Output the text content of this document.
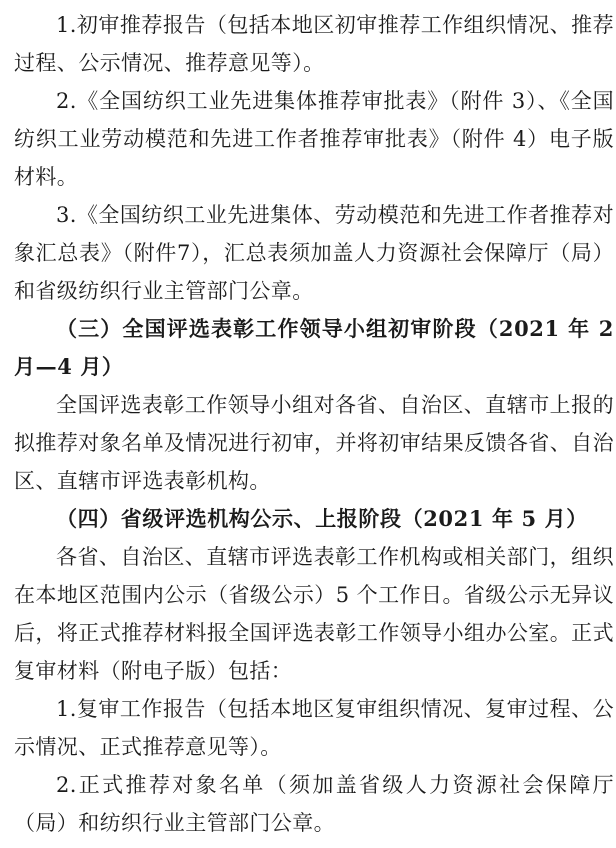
1.初审推荐报告（包括本地区初审推荐工作组织情况、推荐过程、公示情况、推荐意见等）。

2.《全国纺织工业先进集体推荐审批表》（附件 3）、《全国纺织工业劳动模范和先进工作者推荐审批表》（附件 4）电子版材料。

3.《全国纺织工业先进集体、劳动模范和先进工作者推荐对象汇总表》（附件7），汇总表须加盖人力资源社会保障厅（局）和省级纺织行业主管部门公章。

（三）全国评选表彰工作领导小组初审阶段（2021 年 2 月—4 月）

全国评选表彰工作领导小组对各省、自治区、直辖市上报的拟推荐对象名单及情况进行初审，并将初审结果反馈各省、自治区、直辖市评选表彰机构。

（四）省级评选机构公示、上报阶段（2021 年 5 月）

各省、自治区、直辖市评选表彰工作机构或相关部门，组织在本地区范围内公示（省级公示）5 个工作日。省级公示无异议后，将正式推荐材料报全国评选表彰工作领导小组办公室。正式复审材料（附电子版）包括：

1.复审工作报告（包括本地区复审组织情况、复审过程、公示情况、正式推荐意见等）。

2.正式推荐对象名单（须加盖省级人力资源社会保障厅（局）和纺织行业主管部门公章。
